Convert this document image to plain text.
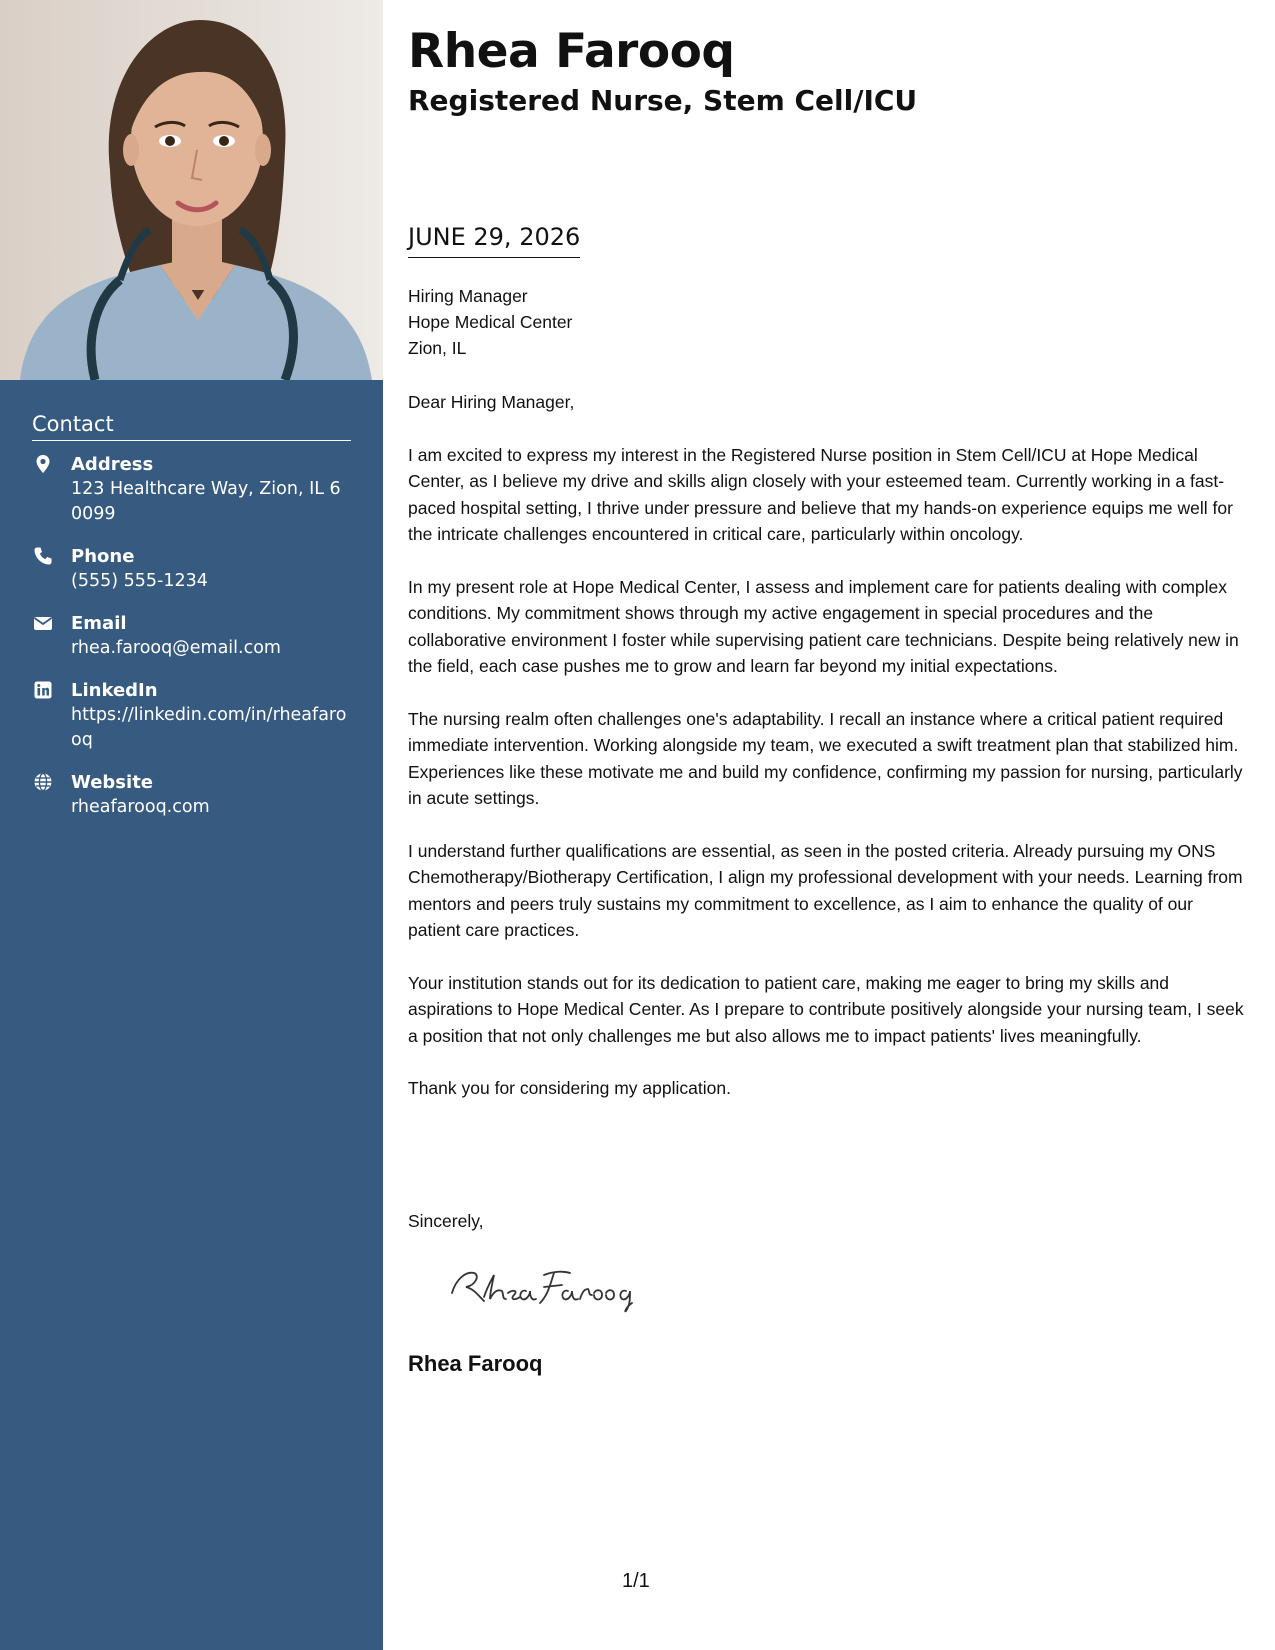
Contact
Address
123 Healthcare Way, Zion, IL 60099
Phone
(555) 555-1234
Email
rhea.farooq@email.com
LinkedIn
https://linkedin.com/in/rheafarooq
Website
rheafarooq.com
Rhea Farooq
Registered Nurse, Stem Cell/ICU
JUNE 29, 2026
Hiring Manager
Hope Medical Center
Zion, IL

Dear Hiring Manager,

I am excited to express my interest in the Registered Nurse position in Stem Cell/ICU at Hope Medical Center, as I believe my drive and skills align closely with your esteemed team. Currently working in a fast-paced hospital setting, I thrive under pressure and believe that my hands-on experience equips me well for the intricate challenges encountered in critical care, particularly within oncology.

In my present role at Hope Medical Center, I assess and implement care for patients dealing with complex conditions. My commitment shows through my active engagement in special procedures and the collaborative environment I foster while supervising patient care technicians. Despite being relatively new in the field, each case pushes me to grow and learn far beyond my initial expectations.

The nursing realm often challenges one's adaptability. I recall an instance where a critical patient required immediate intervention. Working alongside my team, we executed a swift treatment plan that stabilized him. Experiences like these motivate me and build my confidence, confirming my passion for nursing, particularly in acute settings.

I understand further qualifications are essential, as seen in the posted criteria. Already pursuing my ONS Chemotherapy/Biotherapy Certification, I align my professional development with your needs. Learning from mentors and peers truly sustains my commitment to excellence, as I aim to enhance the quality of our patient care practices.

Your institution stands out for its dedication to patient care, making me eager to bring my skills and aspirations to Hope Medical Center. As I prepare to contribute positively alongside your nursing team, I seek a position that not only challenges me but also allows me to impact patients' lives meaningfully.

Thank you for considering my application.

Sincerely,
Rhea Farooq
1/1
